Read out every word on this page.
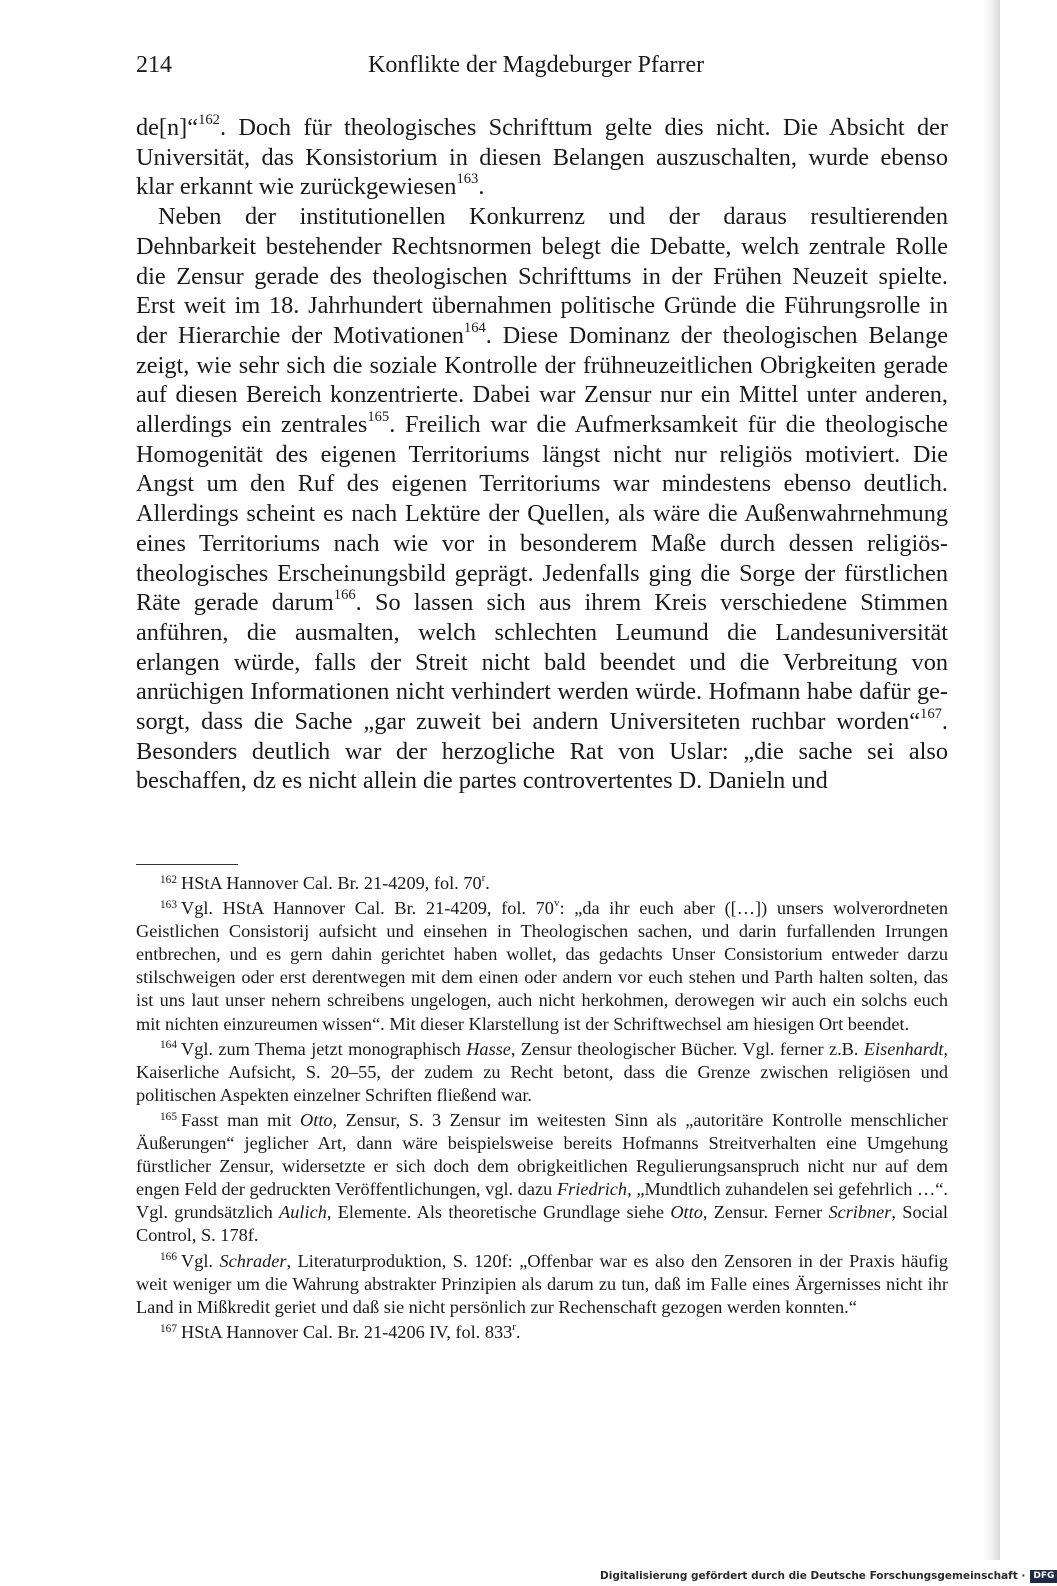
214	Konflikte der Magdeburger Pfarrer

de[n]“$^{162}$. Doch für theologisches Schrifttum gelte dies nicht. Die Absicht der Universität, das Konsistorium in diesen Belangen auszuschalten, wurde ebenso klar erkannt wie zurückgewiesen$^{163}$.

Neben der institutionellen Konkurrenz und der daraus resultierenden Dehnbarkeit bestehender Rechtsnormen belegt die Debatte, welch zentrale Rolle die Zensur gerade des theologischen Schrifttums in der Frühen Neuzeit spielte. Erst weit im 18. Jahrhundert übernahmen politische Gründe die Führungsrolle in der Hierarchie der Motivationen$^{164}$. Diese Dominanz der theologischen Belange zeigt, wie sehr sich die soziale Kontrolle der frühneuzeitlichen Obrigkeiten gerade auf diesen Bereich konzentrierte. Dabei war Zensur nur ein Mittel unter anderen, allerdings ein zentrales$^{165}$. Freilich war die Aufmerksamkeit für die theologische Homogenität des eigenen Territoriums längst nicht nur religiös motiviert. Die Angst um den Ruf des eigenen Territoriums war mindestens ebenso deutlich. Allerdings scheint es nach Lektüre der Quellen, als wäre die Außenwahrnehmung eines Territoriums nach wie vor in besonderem Maße durch dessen religiös-theologisches Erscheinungsbild geprägt. Jedenfalls ging die Sorge der fürstlichen Räte gerade darum$^{166}$. So lassen sich aus ihrem Kreis verschiedene Stimmen anführen, die ausmalten, welch schlechten Leumund die Landesuniversität erlangen würde, falls der Streit nicht bald beendet und die Verbreitung von anrüchigen Informationen nicht verhindert werden würde. Hofmann habe dafür gesorgt, dass die Sache „gar zuweit bei andern Universiteten ruchbar worden“$^{167}$. Besonders deutlich war der herzogliche Rat von Uslar: „die sache sei also beschaffen, dz es nicht allein die partes controvertentes D. Danieln und

$^{162}$ HStA Hannover Cal. Br. 21-4209, fol. 70$^r$.

$^{163}$ Vgl. HStA Hannover Cal. Br. 21-4209, fol. 70$^v$: „da ihr euch aber ([…]) unsers wolverordneten Geistlichen Consistorij aufsicht und einsehen in Theologischen sachen, und darin furfallenden Irrungen entbrechen, und es gern dahin gerichtet haben wollet, das gedachts Unser Consistorium entweder darzu stilschweigen oder erst derentwegen mit dem einen oder andern vor euch stehen und Parth halten solten, das ist uns laut unser nehern schreibens ungelogen, auch nicht herkohmen, derowegen wir auch ein solchs euch mit nichten einzureumen wissen“. Mit dieser Klarstellung ist der Schriftwechsel am hiesigen Ort beendet.

$^{164}$ Vgl. zum Thema jetzt monographisch Hasse, Zensur theologischer Bücher. Vgl. ferner z.B. Eisenhardt, Kaiserliche Aufsicht, S. 20–55, der zudem zu Recht betont, dass die Grenze zwischen religiösen und politischen Aspekten einzelner Schriften fließend war.

$^{165}$ Fasst man mit Otto, Zensur, S. 3 Zensur im weitesten Sinn als „autoritäre Kontrolle menschlicher Äußerungen“ jeglicher Art, dann wäre beispielsweise bereits Hofmanns Streitverhalten eine Umgehung fürstlicher Zensur, widersetzte er sich doch dem obrigkeitlichen Regulierungsanspruch nicht nur auf dem engen Feld der gedruckten Veröffentlichungen, vgl. dazu Friedrich, „Mundtlich zuhandelen sei gefehrlich …“. Vgl. grundsätzlich Aulich, Elemente. Als theoretische Grundlage siehe Otto, Zensur. Ferner Scribner, Social Control, S. 178f.

$^{166}$ Vgl. Schrader, Literaturproduktion, S. 120f: „Offenbar war es also den Zensoren in der Praxis häufig weit weniger um die Wahrung abstrakter Prinzipien als darum zu tun, daß im Falle eines Ärgernisses nicht ihr Land in Mißkredit geriet und daß sie nicht persönlich zur Rechenschaft gezogen werden konnten.“

$^{167}$ HStA Hannover Cal. Br. 21-4206 IV, fol. 833$^r$.

Digitalisierung gefördert durch die Deutsche Forschungsgemeinschaft · DFG
